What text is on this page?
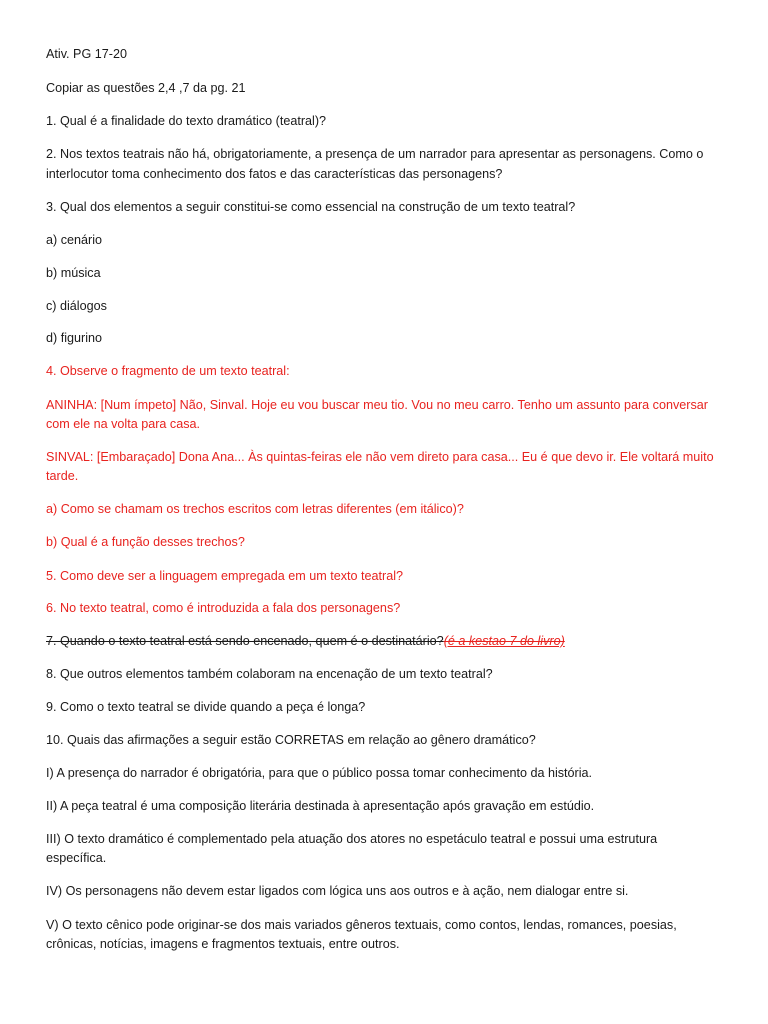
Ativ. PG 17-20
Copiar as questões 2,4 ,7 da pg. 21
1. Qual é a finalidade do texto dramático (teatral)?
2. Nos textos teatrais não há, obrigatoriamente, a presença de um narrador para apresentar as personagens. Como o
interlocutor toma conhecimento dos fatos e das características das personagens?
3. Qual dos elementos a seguir constitui-se como essencial na construção de um texto teatral?
a) cenário
b) música
c) diálogos
d) figurino
4. Observe o fragmento de um texto teatral:
ANINHA: [Num ímpeto] Não, Sinval. Hoje eu vou buscar meu tio. Vou no meu carro. Tenho um assunto para conversar
com ele na volta para casa.
SINVAL: [Embaraçado] Dona Ana... Às quintas-feiras ele não vem direto para casa... Eu é que devo ir. Ele voltará muito
tarde.
a) Como se chamam os trechos escritos com letras diferentes (em itálico)?
b) Qual é a função desses trechos?
5. Como deve ser a linguagem empregada em um texto teatral?
6. No texto teatral, como é introduzida a fala dos personagens?
7. Quando o texto teatral está sendo encenado, quem é o destinatário?(é a kestao 7 do livro)
8. Que outros elementos também colaboram na encenação de um texto teatral?
9. Como o texto teatral se divide quando a peça é longa?
10. Quais das afirmações a seguir estão CORRETAS em relação ao gênero dramático?
I) A presença do narrador é obrigatória, para que o público possa tomar conhecimento da história.
II) A peça teatral é uma composição literária destinada à apresentação após gravação em estúdio.
III) O texto dramático é complementado pela atuação dos atores no espetáculo teatral e possui uma estrutura
específica.
IV) Os personagens não devem estar ligados com lógica uns aos outros e à ação, nem dialogar entre si.
V) O texto cênico pode originar-se dos mais variados gêneros textuais, como contos, lendas, romances, poesias,
crônicas, notícias, imagens e fragmentos textuais, entre outros.
